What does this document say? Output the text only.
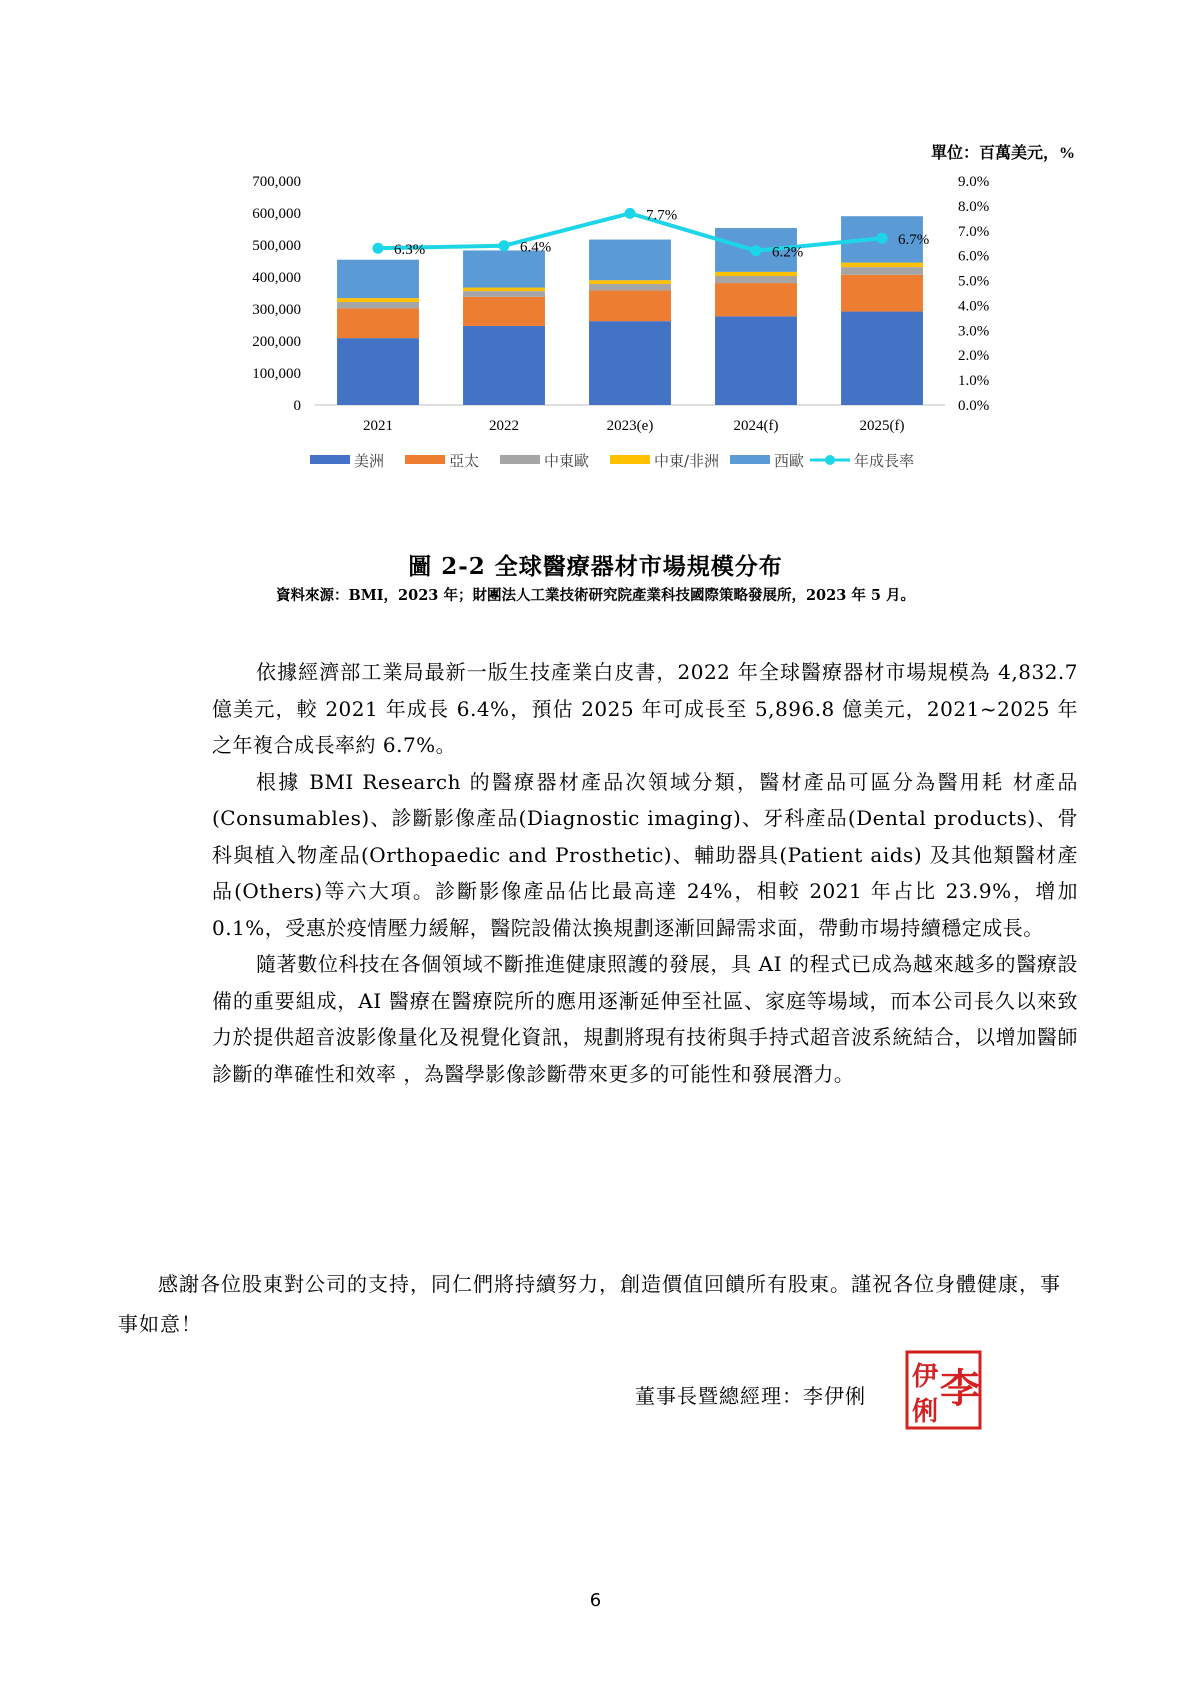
單位：百萬美元，%
0
100,000
200,000
300,000
400,000
500,000
600,000
700,000
0.0%
1.0%
2.0%
3.0%
4.0%
5.0%
6.0%
7.0%
8.0%
9.0%
2021	2022	2023(e)	2024(f)	2025(f)
6.3%	6.4%
7.7%
6.2%
6.7%
美洲	亞太	中東歐	中東/非洲	西歐	年成長率
圖 2-2 全球醫療器材市場規模分布
資料來源：BMI，2023 年；財團法人工業技術研究院產業科技國際策略發展所，2023 年 5 月。

依據經濟部工業局最新一版生技產業白皮書，2022 年全球醫療器材市場規模為 4,832.7 億美元，較 2021 年成長 6.4%，預估 2025 年可成長至 5,896.8 億美元，2021~2025 年之年複合成長率約 6.7%。

根據 BMI Research 的醫療器材產品次領域分類，醫材產品可區分為醫用耗 材產品(Consumables)、診斷影像產品(Diagnostic imaging)、牙科產品(Dental products)、骨科與植入物產品(Orthopaedic and Prosthetic)、輔助器具(Patient aids) 及其他類醫材產品(Others)等六大項。診斷影像產品佔比最高達 24%，相較 2021 年占比 23.9%，增加 0.1%，受惠於疫情壓力緩解，醫院設備汰換規劃逐漸回歸需求面，帶動市場持續穩定成長。

隨著數位科技在各個領域不斷推進健康照護的發展，具 AI 的程式已成為越來越多的醫療設備的重要組成，AI 醫療在醫療院所的應用逐漸延伸至社區、家庭等場域，而本公司長久以來致力於提供超音波影像量化及視覺化資訊，規劃將現有技術與手持式超音波系統結合，以增加醫師診斷的準確性和效率 ，為醫學影像診斷帶來更多的可能性和發展潛力。

感謝各位股東對公司的支持，同仁們將持續努力，創造價值回饋所有股東。謹祝各位身體健康，事事如意！

董事長暨總經理：李伊俐
伊 李
俐
6
